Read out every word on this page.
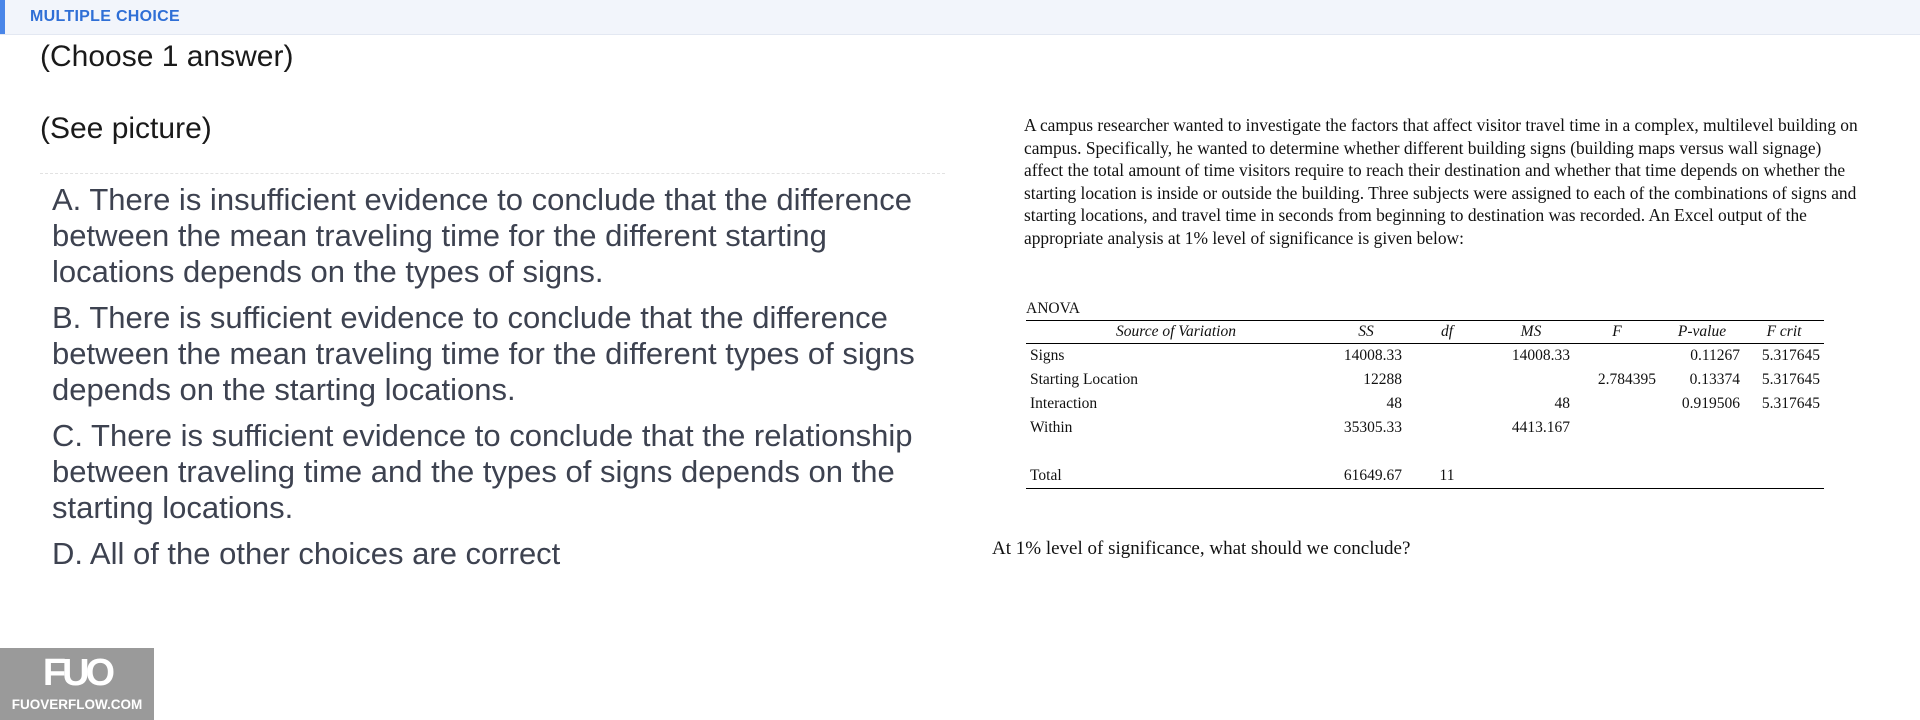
MULTIPLE CHOICE
(Choose 1 answer)
(See picture)
A. There is insufficient evidence to conclude that the difference between the mean traveling time for the different starting locations depends on the types of signs.
B. There is sufficient evidence to conclude that the difference between the mean traveling time for the different types of signs depends on the starting locations.
C. There is sufficient evidence to conclude that the relationship between traveling time and the types of signs depends on the starting locations.
D. All of the other choices are correct
A campus researcher wanted to investigate the factors that affect visitor travel time in a complex, multilevel building on campus. Specifically, he wanted to determine whether different building signs (building maps versus wall signage) affect the total amount of time visitors require to reach their destination and whether that time depends on whether the starting location is inside or outside the building. Three subjects were assigned to each of the combinations of signs and starting locations, and travel time in seconds from beginning to destination was recorded. An Excel output of the appropriate analysis at 1% level of significance is given below:
ANOVA
Source of Variation	SS	df	MS	F	P-value	F crit
Signs	14008.33		14008.33		0.11267	5.317645
Starting Location	12288			2.784395	0.13374	5.317645
Interaction	48		48		0.919506	5.317645
Within	35305.33		4413.167			

Total	61649.67	11				
At 1% level of significance, what should we conclude?
FUO
FUOVERFLOW.COM
